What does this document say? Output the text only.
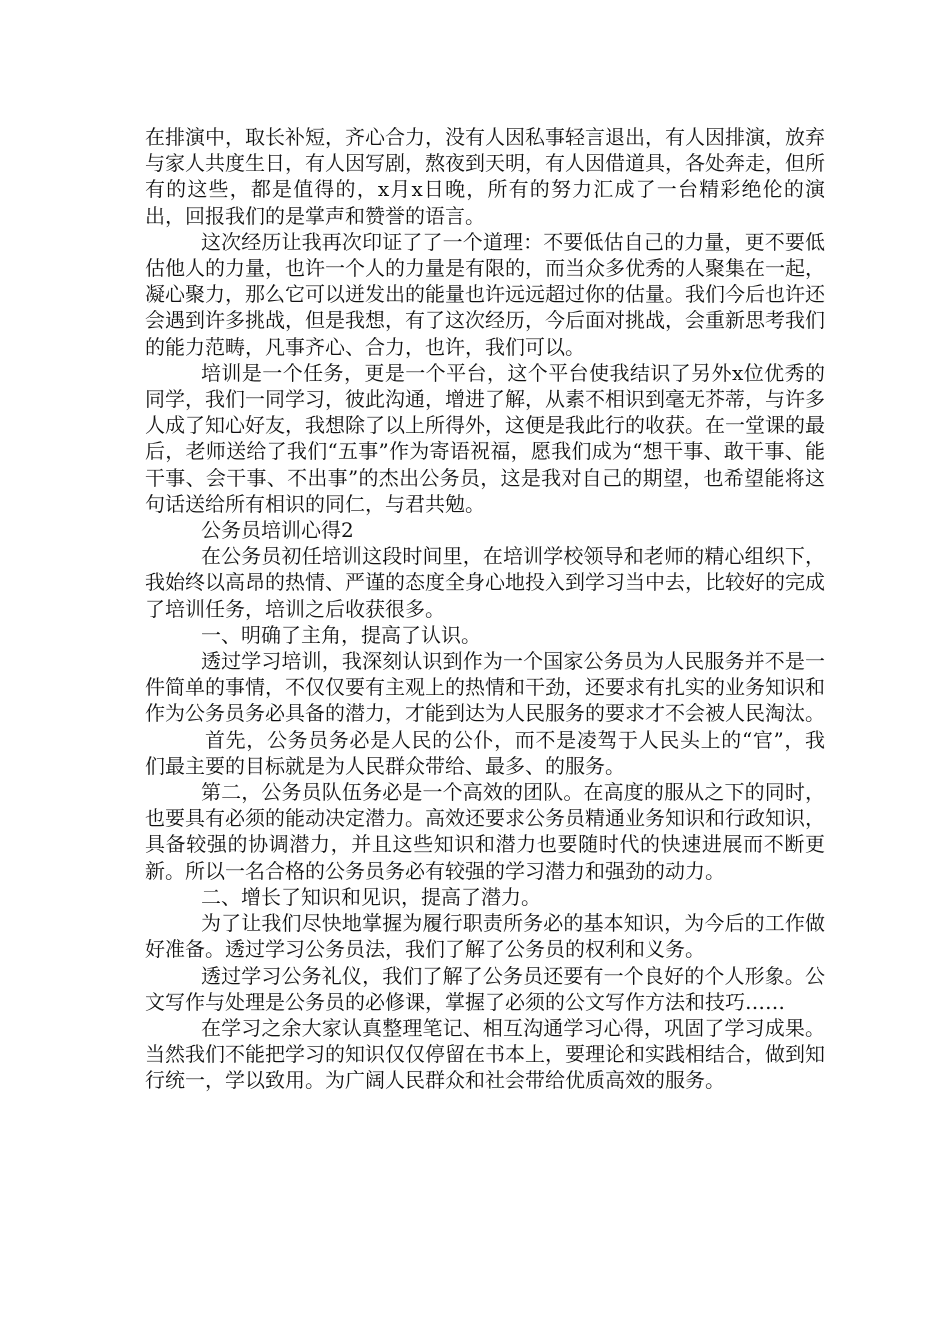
在排演中，取长补短，齐心合力，没有人因私事轻言退出，有人因排演，放弃与家人共度生日，有人因写剧，熬夜到天明，有人因借道具，各处奔走，但所有的这些，都是值得的，x月x日晚，所有的努力汇成了一台精彩绝伦的演出，回报我们的是掌声和赞誉的语言。

这次经历让我再次印证了了一个道理：不要低估自己的力量，更不要低估他人的力量，也许一个人的力量是有限的，而当众多优秀的人聚集在一起，凝心聚力，那么它可以迸发出的能量也许远远超过你的估量。我们今后也许还会遇到许多挑战，但是我想，有了这次经历，今后面对挑战，会重新思考我们的能力范畴，凡事齐心、合力，也许，我们可以。

培训是一个任务，更是一个平台，这个平台使我结识了另外x位优秀的同学，我们一同学习，彼此沟通，增进了解，从素不相识到毫无芥蒂，与许多人成了知心好友，我想除了以上所得外，这便是我此行的收获。在一堂课的最后，老师送给了我们“五事”作为寄语祝福，愿我们成为“想干事、敢干事、能干事、会干事、不出事”的杰出公务员，这是我对自己的期望，也希望能将这句话送给所有相识的同仁，与君共勉。

公务员培训心得2

在公务员初任培训这段时间里，在培训学校领导和老师的精心组织下，我始终以高昂的热情、严谨的态度全身心地投入到学习当中去，比较好的完成了培训任务，培训之后收获很多。

一、明确了主角，提高了认识。

透过学习培训，我深刻认识到作为一个国家公务员为人民服务并不是一件简单的事情，不仅仅要有主观上的热情和干劲，还要求有扎实的业务知识和作为公务员务必具备的潜力，才能到达为人民服务的要求才不会被人民淘汰。

首先，公务员务必是人民的公仆，而不是凌驾于人民头上的“官”，我们最主要的目标就是为人民群众带给、最多、的服务。

第二，公务员队伍务必是一个高效的团队。在高度的服从之下的同时，也要具有必须的能动决定潜力。高效还要求公务员精通业务知识和行政知识，具备较强的协调潜力，并且这些知识和潜力也要随时代的快速进展而不断更新。所以一名合格的公务员务必有较强的学习潜力和强劲的动力。

二、增长了知识和见识，提高了潜力。

为了让我们尽快地掌握为履行职责所务必的基本知识，为今后的工作做好准备。透过学习公务员法，我们了解了公务员的权利和义务。

透过学习公务礼仪，我们了解了公务员还要有一个良好的个人形象。公文写作与处理是公务员的必修课，掌握了必须的公文写作方法和技巧……

在学习之余大家认真整理笔记、相互沟通学习心得，巩固了学习成果。当然我们不能把学习的知识仅仅停留在书本上，要理论和实践相结合，做到知行统一，学以致用。为广阔人民群众和社会带给优质高效的服务。
